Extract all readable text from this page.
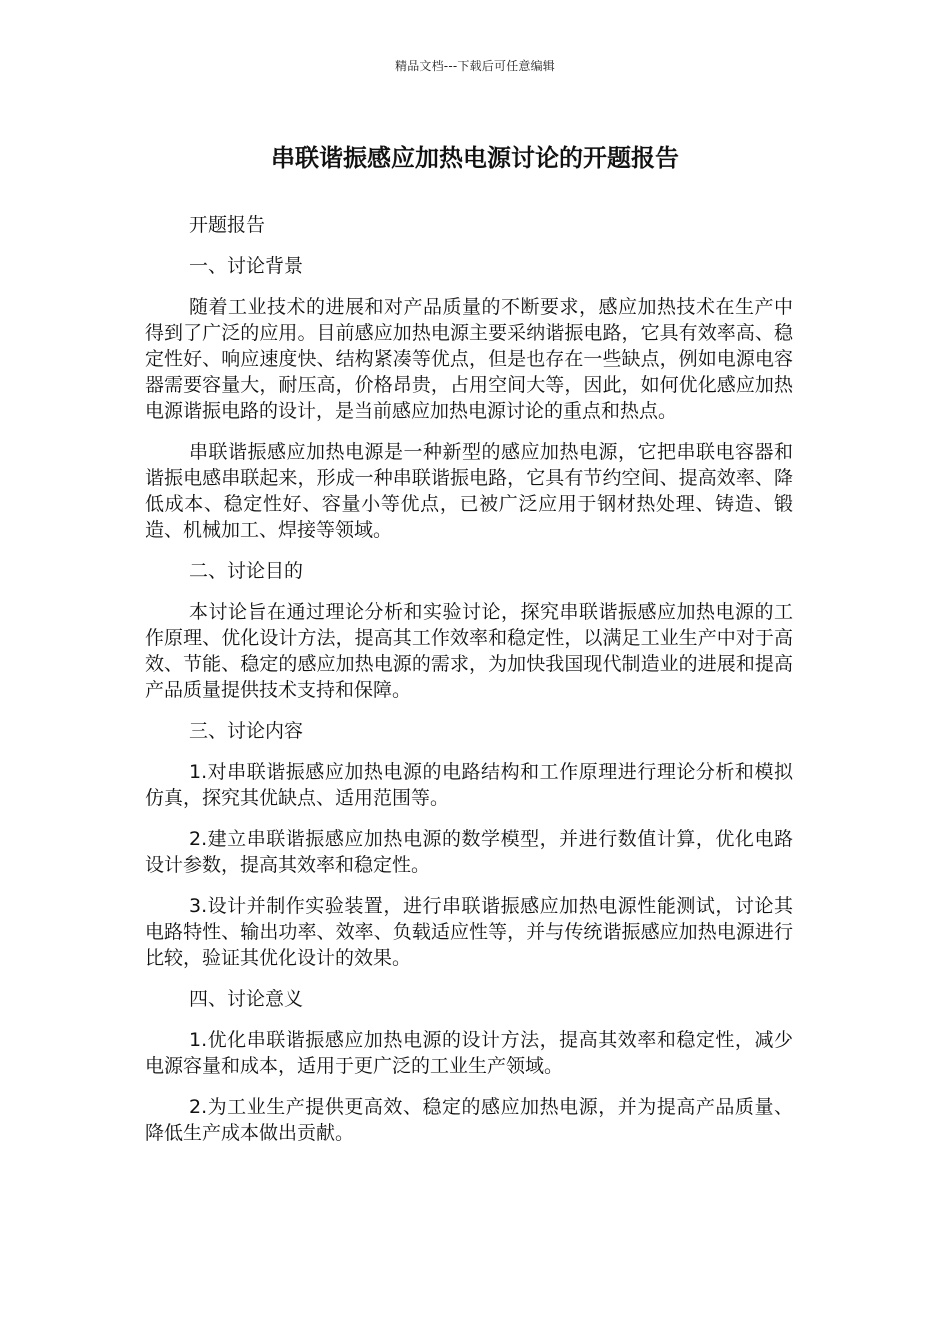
精品文档---下载后可任意编辑
串联谐振感应加热电源讨论的开题报告

开题报告

一、讨论背景

随着工业技术的进展和对产品质量的不断要求，感应加热技术在生产中得到了广泛的应用。目前感应加热电源主要采纳谐振电路，它具有效率高、稳定性好、响应速度快、结构紧凑等优点，但是也存在一些缺点，例如电源电容器需要容量大，耐压高，价格昂贵，占用空间大等，因此，如何优化感应加热电源谐振电路的设计，是当前感应加热电源讨论的重点和热点。

串联谐振感应加热电源是一种新型的感应加热电源，它把串联电容器和谐振电感串联起来，形成一种串联谐振电路，它具有节约空间、提高效率、降低成本、稳定性好、容量小等优点，已被广泛应用于钢材热处理、铸造、锻造、机械加工、焊接等领域。

二、讨论目的

本讨论旨在通过理论分析和实验讨论，探究串联谐振感应加热电源的工作原理、优化设计方法，提高其工作效率和稳定性，以满足工业生产中对于高效、节能、稳定的感应加热电源的需求，为加快我国现代制造业的进展和提高产品质量提供技术支持和保障。

三、讨论内容

1.对串联谐振感应加热电源的电路结构和工作原理进行理论分析和模拟仿真，探究其优缺点、适用范围等。

2.建立串联谐振感应加热电源的数学模型，并进行数值计算，优化电路设计参数，提高其效率和稳定性。

3.设计并制作实验装置，进行串联谐振感应加热电源性能测试，讨论其电路特性、输出功率、效率、负载适应性等，并与传统谐振感应加热电源进行比较，验证其优化设计的效果。

四、讨论意义

1.优化串联谐振感应加热电源的设计方法，提高其效率和稳定性，减少电源容量和成本，适用于更广泛的工业生产领域。

2.为工业生产提供更高效、稳定的感应加热电源，并为提高产品质量、降低生产成本做出贡献。
